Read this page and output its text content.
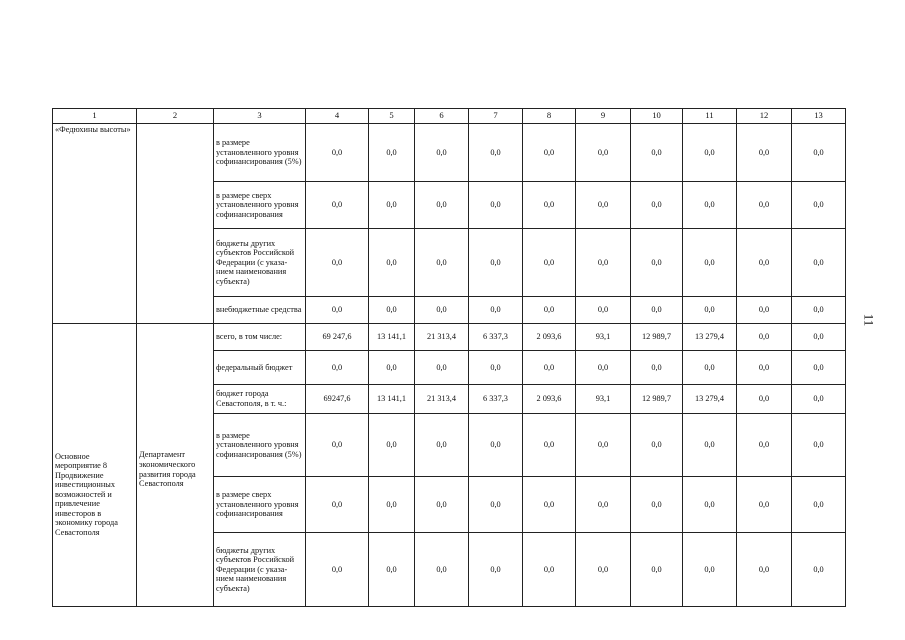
1	2	3	4	5	6	7	8	9	10	11	12	13
«Федюхины высоты»		в размере установленного уровня софинансирования (5%)	0,0	0,0	0,0	0,0	0,0	0,0	0,0	0,0	0,0	0,0
		в размере сверх установленного уровня софинансирования	0,0	0,0	0,0	0,0	0,0	0,0	0,0	0,0	0,0	0,0
		бюджеты других субъектов Российской Федерации (с указа-нием наименования субъекта)	0,0	0,0	0,0	0,0	0,0	0,0	0,0	0,0	0,0	0,0
		внебюджетные средства	0,0	0,0	0,0	0,0	0,0	0,0	0,0	0,0	0,0	0,0
Основное мероприятие 8 Продвижение инвестиционных возможностей и привлечение инвесторов в экономику города Севастополя	Департамент экономического развития города Севастополя	всего, в том числе:	69 247,6	13 141,1	21 313,4	6 337,3	2 093,6	93,1	12 989,7	13 279,4	0,0	0,0
		федеральный бюджет	0,0	0,0	0,0	0,0	0,0	0,0	0,0	0,0	0,0	0,0
		бюджет города Севастополя, в т. ч.:	69247,6	13 141,1	21 313,4	6 337,3	2 093,6	93,1	12 989,7	13 279,4	0,0	0,0
		в размере установленного уровня софинансирования (5%)	0,0	0,0	0,0	0,0	0,0	0,0	0,0	0,0	0,0	0,0
		в размере сверх установленного уровня софинансирования	0,0	0,0	0,0	0,0	0,0	0,0	0,0	0,0	0,0	0,0
		бюджеты других субъектов Российской Федерации (с указа-нием наименования субъекта)	0,0	0,0	0,0	0,0	0,0	0,0	0,0	0,0	0,0	0,0
11
